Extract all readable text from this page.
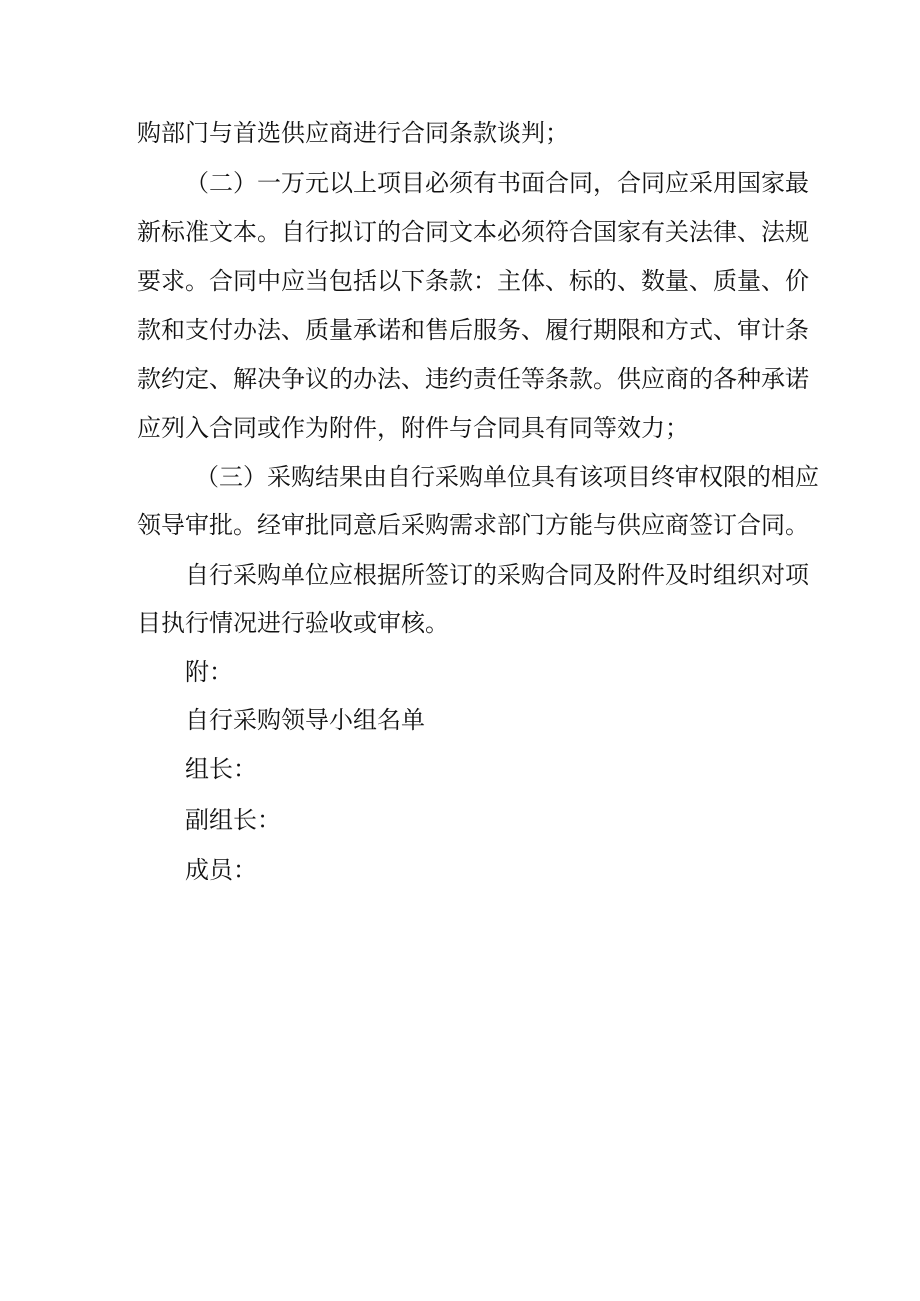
购部门与首选供应商进行合同条款谈判；
（二）一万元以上项目必须有书面合同，合同应采用国家最
新标准文本。自行拟订的合同文本必须符合国家有关法律、法规
要求。合同中应当包括以下条款：主体、标的、数量、质量、价
款和支付办法、质量承诺和售后服务、履行期限和方式、审计条
款约定、解决争议的办法、违约责任等条款。供应商的各种承诺
应列入合同或作为附件，附件与合同具有同等效力；
（三）采购结果由自行采购单位具有该项目终审权限的相应
领导审批。经审批同意后采购需求部门方能与供应商签订合同。
自行采购单位应根据所签订的采购合同及附件及时组织对项
目执行情况进行验收或审核。
附：
自行采购领导小组名单
组长：
副组长：
成员：
